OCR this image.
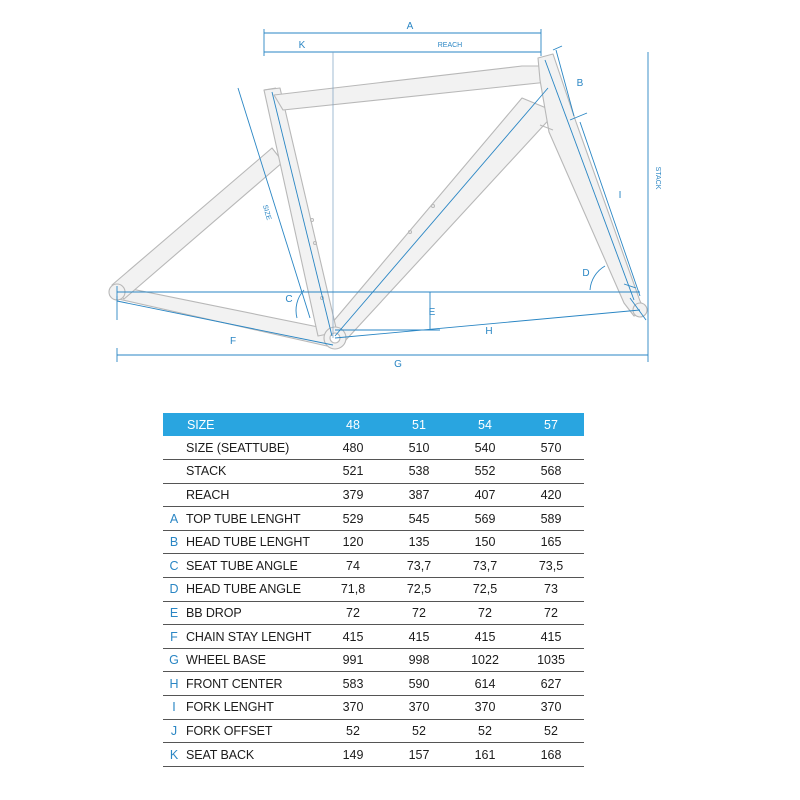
A
K	REACH
B
STACK
I
SIZE
C
D
E
F
H
G
	SIZE	48	51	54	57
	SIZE (SEATTUBE)	480	510	540	570
	STACK	521	538	552	568
	REACH	379	387	407	420
A	TOP TUBE LENGHT	529	545	569	589
B	HEAD TUBE LENGHT	120	135	150	165
C	SEAT TUBE ANGLE	74	73,7	73,7	73,5
D	HEAD TUBE ANGLE	71,8	72,5	72,5	73
E	BB DROP	72	72	72	72
F	CHAIN STAY LENGHT	415	415	415	415
G	WHEEL BASE	991	998	1022	1035
H	FRONT CENTER	583	590	614	627
I	FORK LENGHT	370	370	370	370
J	FORK OFFSET	52	52	52	52
K	SEAT BACK	149	157	161	168
